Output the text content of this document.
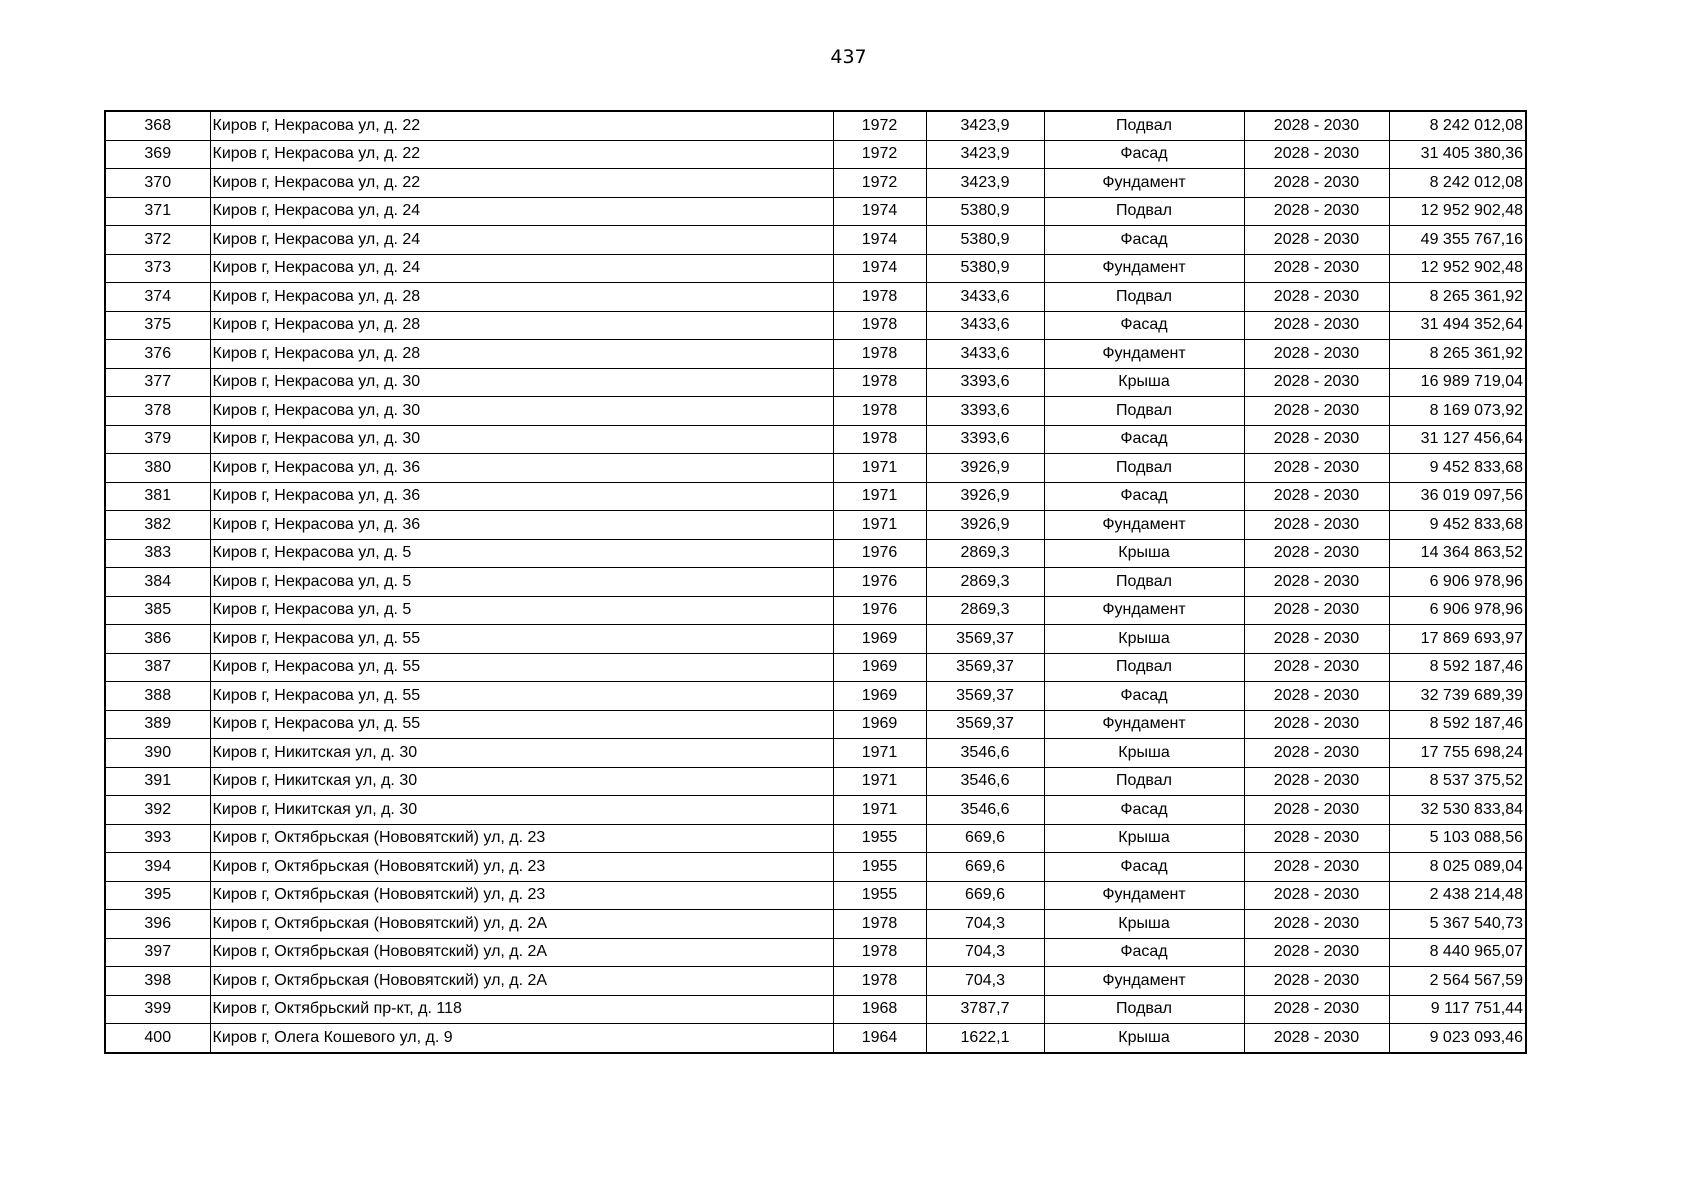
437
368	Киров г, Некрасова ул, д. 22	1972	3423,9	Подвал	2028 - 2030	8 242 012,08
369	Киров г, Некрасова ул, д. 22	1972	3423,9	Фасад	2028 - 2030	31 405 380,36
370	Киров г, Некрасова ул, д. 22	1972	3423,9	Фундамент	2028 - 2030	8 242 012,08
371	Киров г, Некрасова ул, д. 24	1974	5380,9	Подвал	2028 - 2030	12 952 902,48
372	Киров г, Некрасова ул, д. 24	1974	5380,9	Фасад	2028 - 2030	49 355 767,16
373	Киров г, Некрасова ул, д. 24	1974	5380,9	Фундамент	2028 - 2030	12 952 902,48
374	Киров г, Некрасова ул, д. 28	1978	3433,6	Подвал	2028 - 2030	8 265 361,92
375	Киров г, Некрасова ул, д. 28	1978	3433,6	Фасад	2028 - 2030	31 494 352,64
376	Киров г, Некрасова ул, д. 28	1978	3433,6	Фундамент	2028 - 2030	8 265 361,92
377	Киров г, Некрасова ул, д. 30	1978	3393,6	Крыша	2028 - 2030	16 989 719,04
378	Киров г, Некрасова ул, д. 30	1978	3393,6	Подвал	2028 - 2030	8 169 073,92
379	Киров г, Некрасова ул, д. 30	1978	3393,6	Фасад	2028 - 2030	31 127 456,64
380	Киров г, Некрасова ул, д. 36	1971	3926,9	Подвал	2028 - 2030	9 452 833,68
381	Киров г, Некрасова ул, д. 36	1971	3926,9	Фасад	2028 - 2030	36 019 097,56
382	Киров г, Некрасова ул, д. 36	1971	3926,9	Фундамент	2028 - 2030	9 452 833,68
383	Киров г, Некрасова ул, д. 5	1976	2869,3	Крыша	2028 - 2030	14 364 863,52
384	Киров г, Некрасова ул, д. 5	1976	2869,3	Подвал	2028 - 2030	6 906 978,96
385	Киров г, Некрасова ул, д. 5	1976	2869,3	Фундамент	2028 - 2030	6 906 978,96
386	Киров г, Некрасова ул, д. 55	1969	3569,37	Крыша	2028 - 2030	17 869 693,97
387	Киров г, Некрасова ул, д. 55	1969	3569,37	Подвал	2028 - 2030	8 592 187,46
388	Киров г, Некрасова ул, д. 55	1969	3569,37	Фасад	2028 - 2030	32 739 689,39
389	Киров г, Некрасова ул, д. 55	1969	3569,37	Фундамент	2028 - 2030	8 592 187,46
390	Киров г, Никитская ул, д. 30	1971	3546,6	Крыша	2028 - 2030	17 755 698,24
391	Киров г, Никитская ул, д. 30	1971	3546,6	Подвал	2028 - 2030	8 537 375,52
392	Киров г, Никитская ул, д. 30	1971	3546,6	Фасад	2028 - 2030	32 530 833,84
393	Киров г, Октябрьская (Нововятский) ул, д. 23	1955	669,6	Крыша	2028 - 2030	5 103 088,56
394	Киров г, Октябрьская (Нововятский) ул, д. 23	1955	669,6	Фасад	2028 - 2030	8 025 089,04
395	Киров г, Октябрьская (Нововятский) ул, д. 23	1955	669,6	Фундамент	2028 - 2030	2 438 214,48
396	Киров г, Октябрьская (Нововятский) ул, д. 2А	1978	704,3	Крыша	2028 - 2030	5 367 540,73
397	Киров г, Октябрьская (Нововятский) ул, д. 2А	1978	704,3	Фасад	2028 - 2030	8 440 965,07
398	Киров г, Октябрьская (Нововятский) ул, д. 2А	1978	704,3	Фундамент	2028 - 2030	2 564 567,59
399	Киров г, Октябрьский пр-кт, д. 118	1968	3787,7	Подвал	2028 - 2030	9 117 751,44
400	Киров г, Олега Кошевого ул, д. 9	1964	1622,1	Крыша	2028 - 2030	9 023 093,46
